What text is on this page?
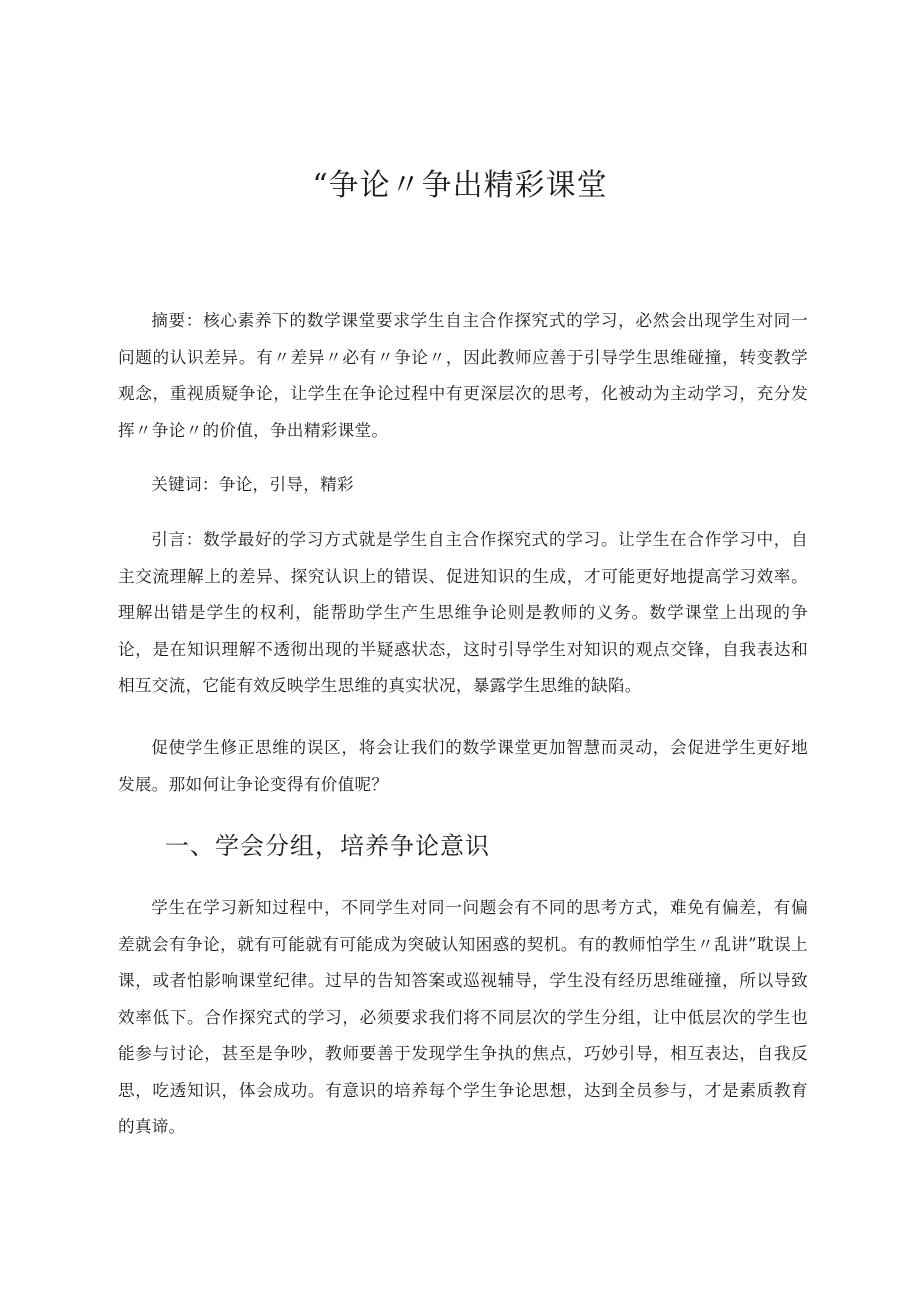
“争论〃争出精彩课堂

摘要：核心素养下的数学课堂要求学生自主合作探究式的学习，必然会出现学生对同一问题的认识差异。有〃差异〃必有〃争论〃，因此教师应善于引导学生思维碰撞，转变教学观念，重视质疑争论，让学生在争论过程中有更深层次的思考，化被动为主动学习，充分发挥〃争论〃的价值，争出精彩课堂。

关键词：争论，引导，精彩

引言：数学最好的学习方式就是学生自主合作探究式的学习。让学生在合作学习中，自主交流理解上的差异、探究认识上的错误、促进知识的生成，才可能更好地提高学习效率。理解出错是学生的权利，能帮助学生产生思维争论则是教师的义务。数学课堂上出现的争论，是在知识理解不透彻出现的半疑惑状态，这时引导学生对知识的观点交锋，自我表达和相互交流，它能有效反映学生思维的真实状况，暴露学生思维的缺陷。

促使学生修正思维的误区，将会让我们的数学课堂更加智慧而灵动，会促进学生更好地发展。那如何让争论变得有价值呢？

一、学会分组，培养争论意识

学生在学习新知过程中，不同学生对同一问题会有不同的思考方式，难免有偏差，有偏差就会有争论，就有可能就有可能成为突破认知困惑的契机。有的教师怕学生〃乱讲”耽误上课，或者怕影响课堂纪律。过早的告知答案或巡视辅导，学生没有经历思维碰撞，所以导致效率低下。合作探究式的学习，必须要求我们将不同层次的学生分组，让中低层次的学生也能参与讨论，甚至是争吵，教师要善于发现学生争执的焦点，巧妙引导，相互表达，自我反思，吃透知识，体会成功。有意识的培养每个学生争论思想，达到全员参与，才是素质教育的真谛。
